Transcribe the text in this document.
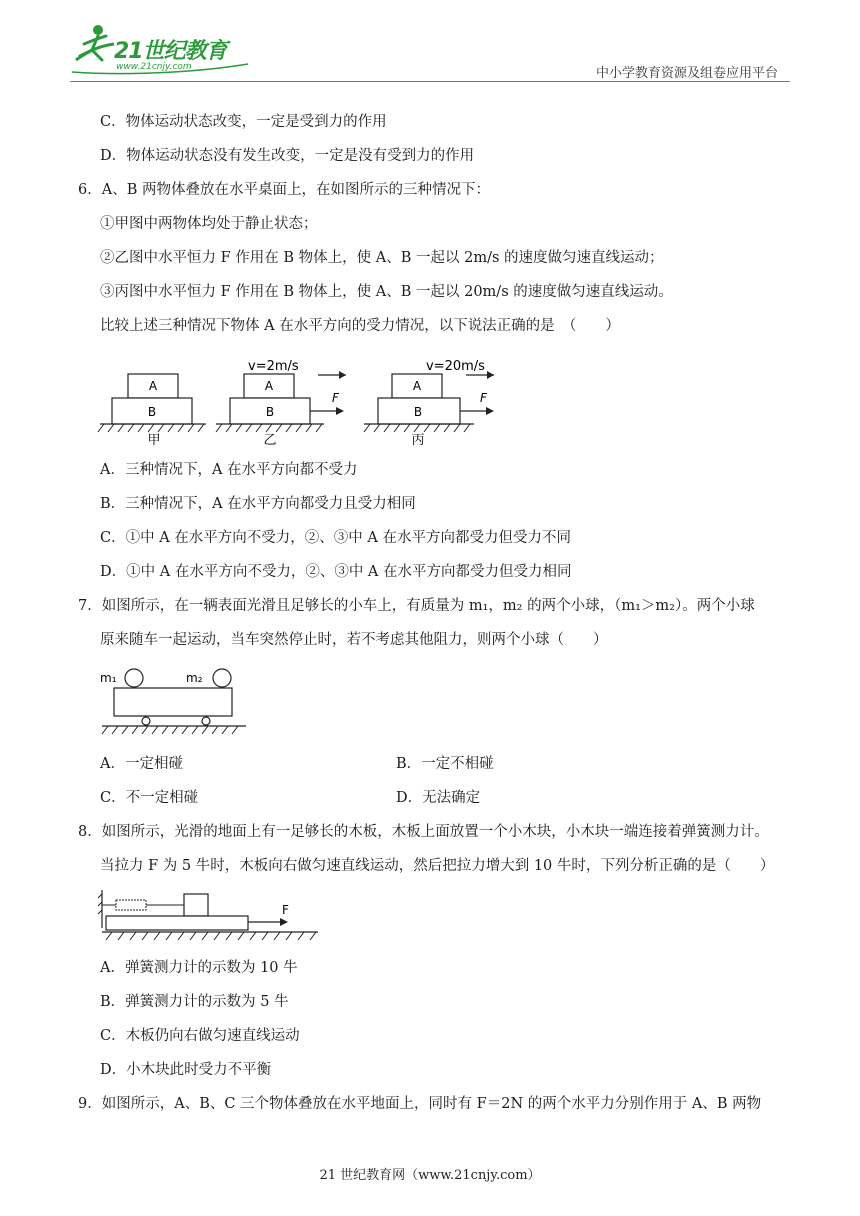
21世纪教育
www.21cnjy.com	中小学教育资源及组卷应用平台
C．物体运动状态改变，一定是受到力的作用
D．物体运动状态没有发生改变，一定是没有受到力的作用
6．A、B 两物体叠放在水平桌面上，在如图所示的三种情况下：
①甲图中两物体均处于静止状态；
②乙图中水平恒力 F 作用在 B 物体上，使 A、B 一起以 2m/s 的速度做匀速直线运动；
③丙图中水平恒力 F 作用在 B 物体上，使 A、B 一起以 20m/s 的速度做匀速直线运动。
比较上述三种情况下物体 A 在水平方向的受力情况，以下说法正确的是　（　　）
A
B
甲
A
B
v=2m/s
F
乙
A
B
v=20m/s
F
丙
A．三种情况下，A 在水平方向都不受力
B．三种情况下，A 在水平方向都受力且受力相同
C．①中 A 在水平方向不受力，②、③中 A 在水平方向都受力但受力不同
D．①中 A 在水平方向不受力，②、③中 A 在水平方向都受力但受力相同
7．如图所示，在一辆表面光滑且足够长的小车上，有质量为 m₁，m₂ 的两个小球，（m₁＞m₂）。两个小球
原来随车一起运动，当车突然停止时，若不考虑其他阻力，则两个小球（　　）
m₁	m₂
A．一定相碰	B．一定不相碰
C．不一定相碰	D．无法确定
8．如图所示，光滑的地面上有一足够长的木板，木板上面放置一个小木块，小木块一端连接着弹簧测力计。
当拉力 F 为 5 牛时，木板向右做匀速直线运动，然后把拉力增大到 10 牛时，下列分析正确的是（　　）
F
A．弹簧测力计的示数为 10 牛
B．弹簧测力计的示数为 5 牛
C．木板仍向右做匀速直线运动
D．小木块此时受力不平衡
9．如图所示，A、B、C 三个物体叠放在水平地面上，同时有 F＝2N 的两个水平力分别作用于 A、B 两物
21 世纪教育网（www.21cnjy.com）
